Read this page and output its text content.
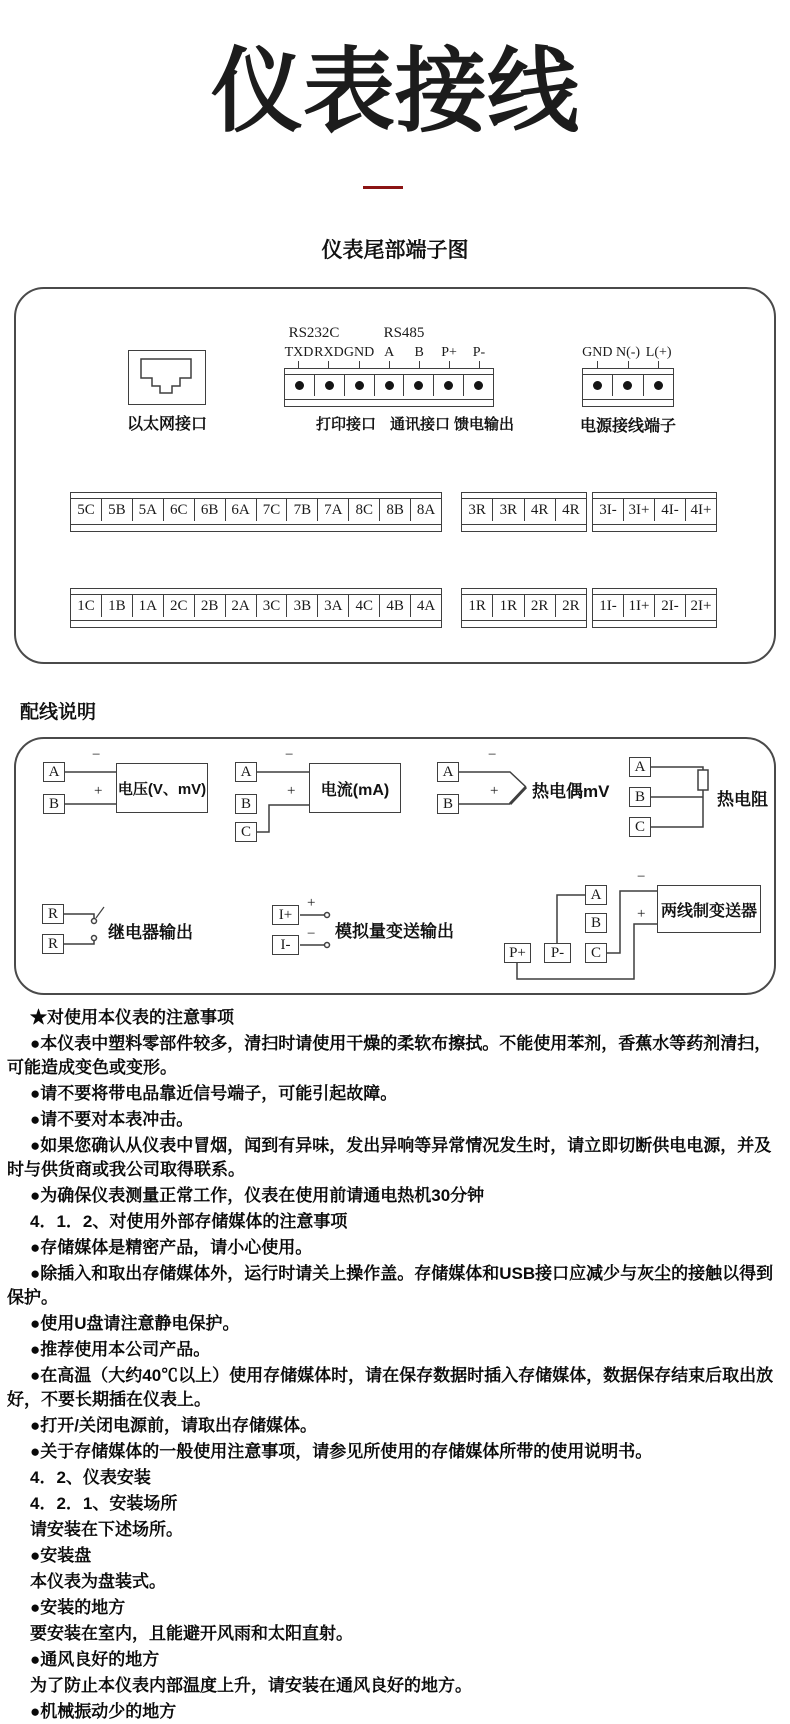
仪表接线
仪表尾部端子图
以太网接口
RS232C	RS485
TXD RXD GND A B P+ P-
打印接口 通讯接口 馈电输出
GND N(-) L(+)
电源接线端子
5C 5B 5A 6C 6B 6A 7C 7B 7A 8C 8B 8A	3R 3R 4R 4R	3I- 3I+ 4I- 4I+
1C 1B 1A 2C 2B 2A 3C 3B 3A 4C 4B 4A	1R 1R 2R 2R	1I- 1I+ 2I- 2I+
配线说明
A
B
−
+ 电压(V、mV)
A
B
C
−
+	电流(mA)
A
B
−
+ 热电偶mV
A
B
C
热电阻
R
R
继电器输出
I+
I-
+
− 模拟量变送输出
A
B
C
P+	P-
−
+ 两线制变送器

★对使用本仪表的注意事项

●本仪表中塑料零部件较多，清扫时请使用干燥的柔软布擦拭。不能使用苯剂，香蕉水等药剂清扫，可能造成变色或变形。

●请不要将带电品靠近信号端子，可能引起故障。

●请不要对本表冲击。

●如果您确认从仪表中冒烟，闻到有异味，发出异响等异常情况发生时，请立即切断供电电源，并及时与供货商或我公司取得联系。

●为确保仪表测量正常工作，仪表在使用前请通电热机30分钟

4．1．2、对使用外部存储媒体的注意事项

●存储媒体是精密产品，请小心使用。

●除插入和取出存储媒体外，运行时请关上操作盖。存储媒体和USB接口应减少与灰尘的接触以得到保护。

●使用U盘请注意静电保护。

●推荐使用本公司产品。

●在高温（大约40℃以上）使用存储媒体时，请在保存数据时插入存储媒体，数据保存结束后取出放好，不要长期插在仪表上。

●打开/关闭电源前，请取出存储媒体。

●关于存储媒体的一般使用注意事项，请参见所使用的存储媒体所带的使用说明书。

4．2、仪表安装

4．2．1、安装场所

请安装在下述场所。

●安装盘

本仪表为盘装式。

●安装的地方

要安装在室内，且能避开风雨和太阳直射。

●通风良好的地方

为了防止本仪表内部温度上升，请安装在通风良好的地方。

●机械振动少的地方
